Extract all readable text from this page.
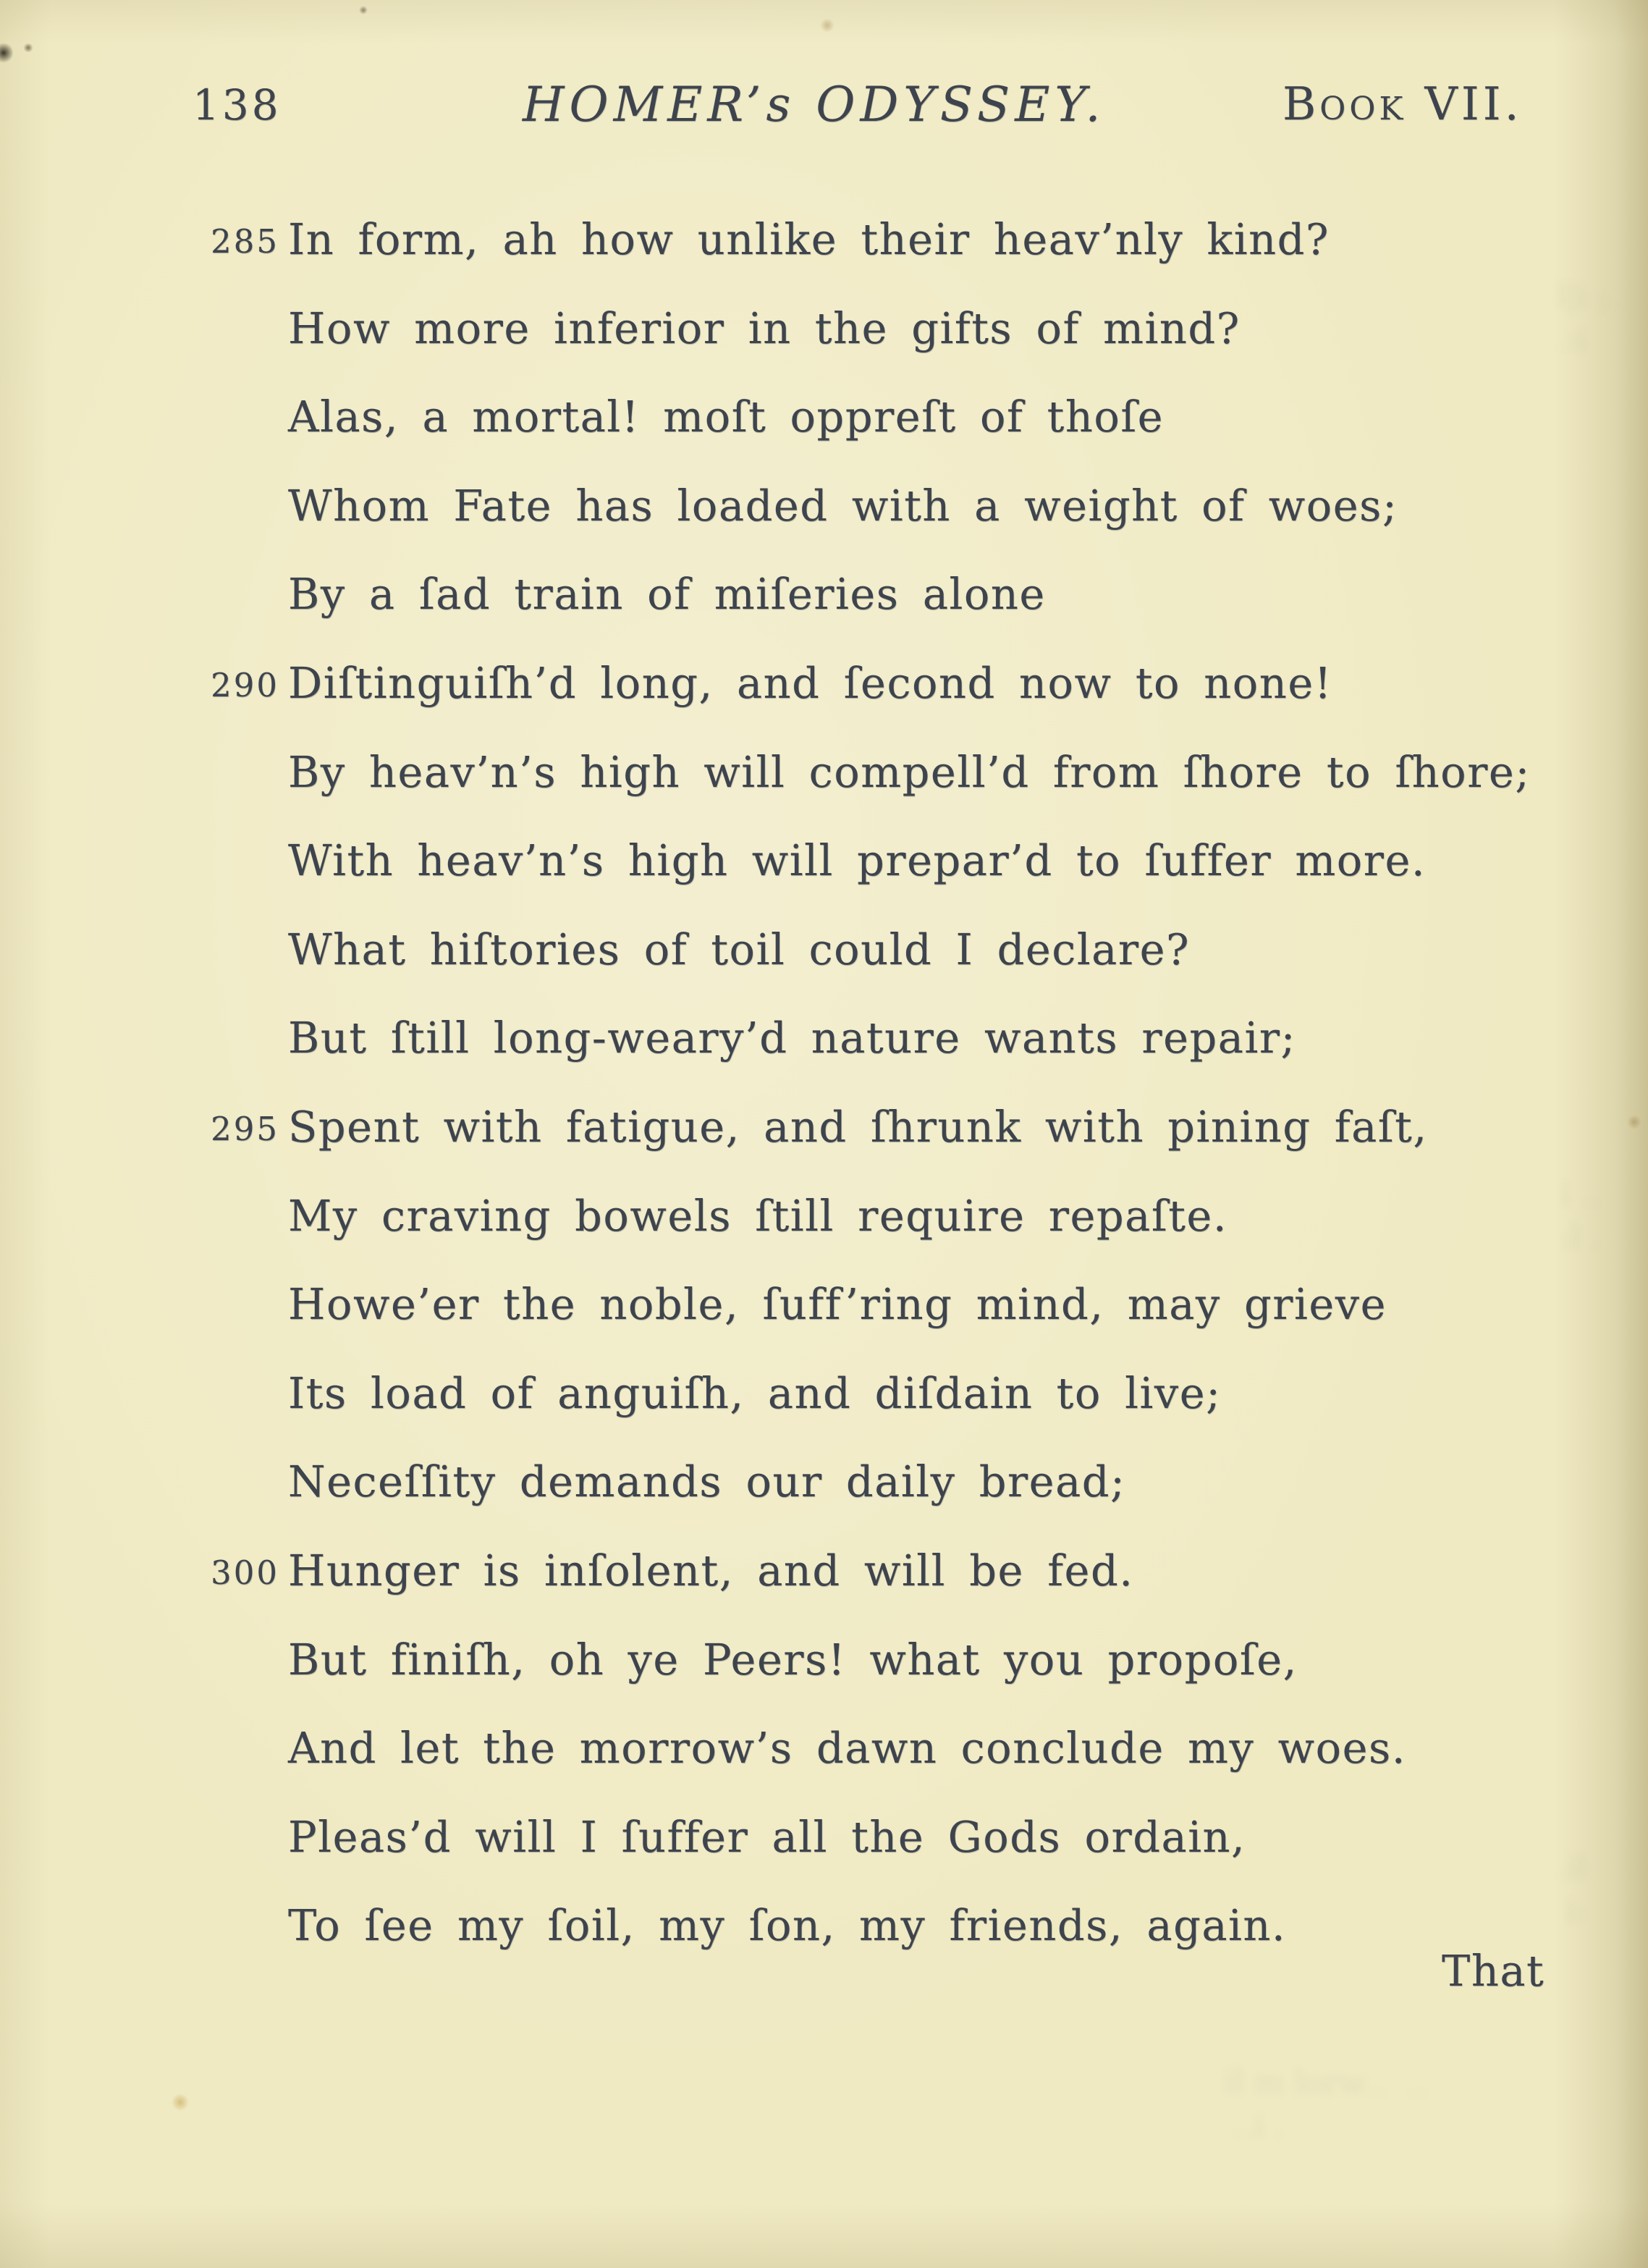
138	HOMER’s ODYSSEY.	Book VII.
285 In form, ah how unlike their heav’nly kind?
How more inferior in the gifts of mind?
Alas, a mortal! moſt oppreſt of thoſe
Whom Fate has loaded with a weight of woes;
By a ſad train of miſeries alone
290 Diſtinguiſh’d long, and ſecond now to none!
By heav’n’s high will compell’d from ſhore to ſhore;
With heav’n’s high will prepar’d to ſuffer more.
What hiſtories of toil could I declare?
But ſtill long-weary’d nature wants repair;
295 Spent with fatigue, and ſhrunk with pining faſt,
My craving bowels ſtill require repaſte.
Howe’er the noble, ſuff’ring mind, may grieve
Its load of anguiſh, and diſdain to live;
Neceſſity demands our daily bread;
300 Hunger is inſolent, and will be fed.
But finiſh, oh ye Peers! what you propoſe,
And let the morrow’s dawn conclude my woes.
Pleas’d will I ſuffer all the Gods ordain,
To ſee my ſoil, my ſon, my friends, again.
That
l|i ;.
.:i
i ‥
:l .
il m lorw‥  ‥
‥i .
.il
i:
